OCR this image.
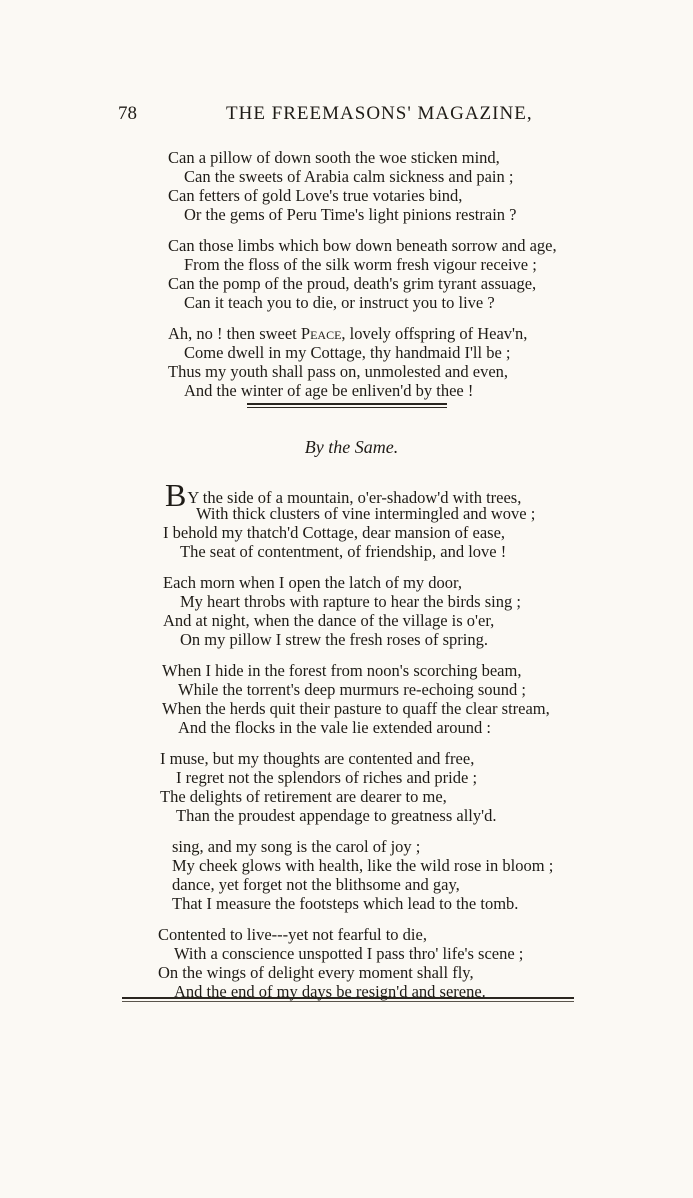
78	THE FREEMASONS' MAGAZINE,
Can a pillow of down sooth the woe sticken mind,
Can the sweets of Arabia calm sickness and pain ;
Can fetters of gold Love's true votaries bind,
Or the gems of Peru Time's light pinions restrain ?
Can those limbs which bow down beneath sorrow and age,
From the floss of the silk worm fresh vigour receive ;
Can the pomp of the proud, death's grim tyrant assuage,
Can it teach you to die, or instruct you to live ?
Ah, no ! then sweet Peace, lovely offspring of Heav'n,
Come dwell in my Cottage, thy handmaid I'll be ;
Thus my youth shall pass on, unmolested and even,
And the winter of age be enliven'd by thee !
By the Same.
BY the side of a mountain, o'er-shadow'd with trees,
With thick clusters of vine intermingled and wove ;
I behold my thatch'd Cottage, dear mansion of ease,
The seat of contentment, of friendship, and love !
Each morn when I open the latch of my door,
My heart throbs with rapture to hear the birds sing ;
And at night, when the dance of the village is o'er,
On my pillow I strew the fresh roses of spring.
When I hide in the forest from noon's scorching beam,
While the torrent's deep murmurs re-echoing sound ;
When the herds quit their pasture to quaff the clear stream,
And the flocks in the vale lie extended around :
I muse, but my thoughts are contented and free,
I regret not the splendors of riches and pride ;
The delights of retirement are dearer to me,
Than the proudest appendage to greatness ally'd.
sing, and my song is the carol of joy ;
My cheek glows with health, like the wild rose in bloom ;
dance, yet forget not the blithsome and gay,
That I measure the footsteps which lead to the tomb.
Contented to live---yet not fearful to die,
With a conscience unspotted I pass thro' life's scene ;
On the wings of delight every moment shall fly,
And the end of my days be resign'd and serene.
